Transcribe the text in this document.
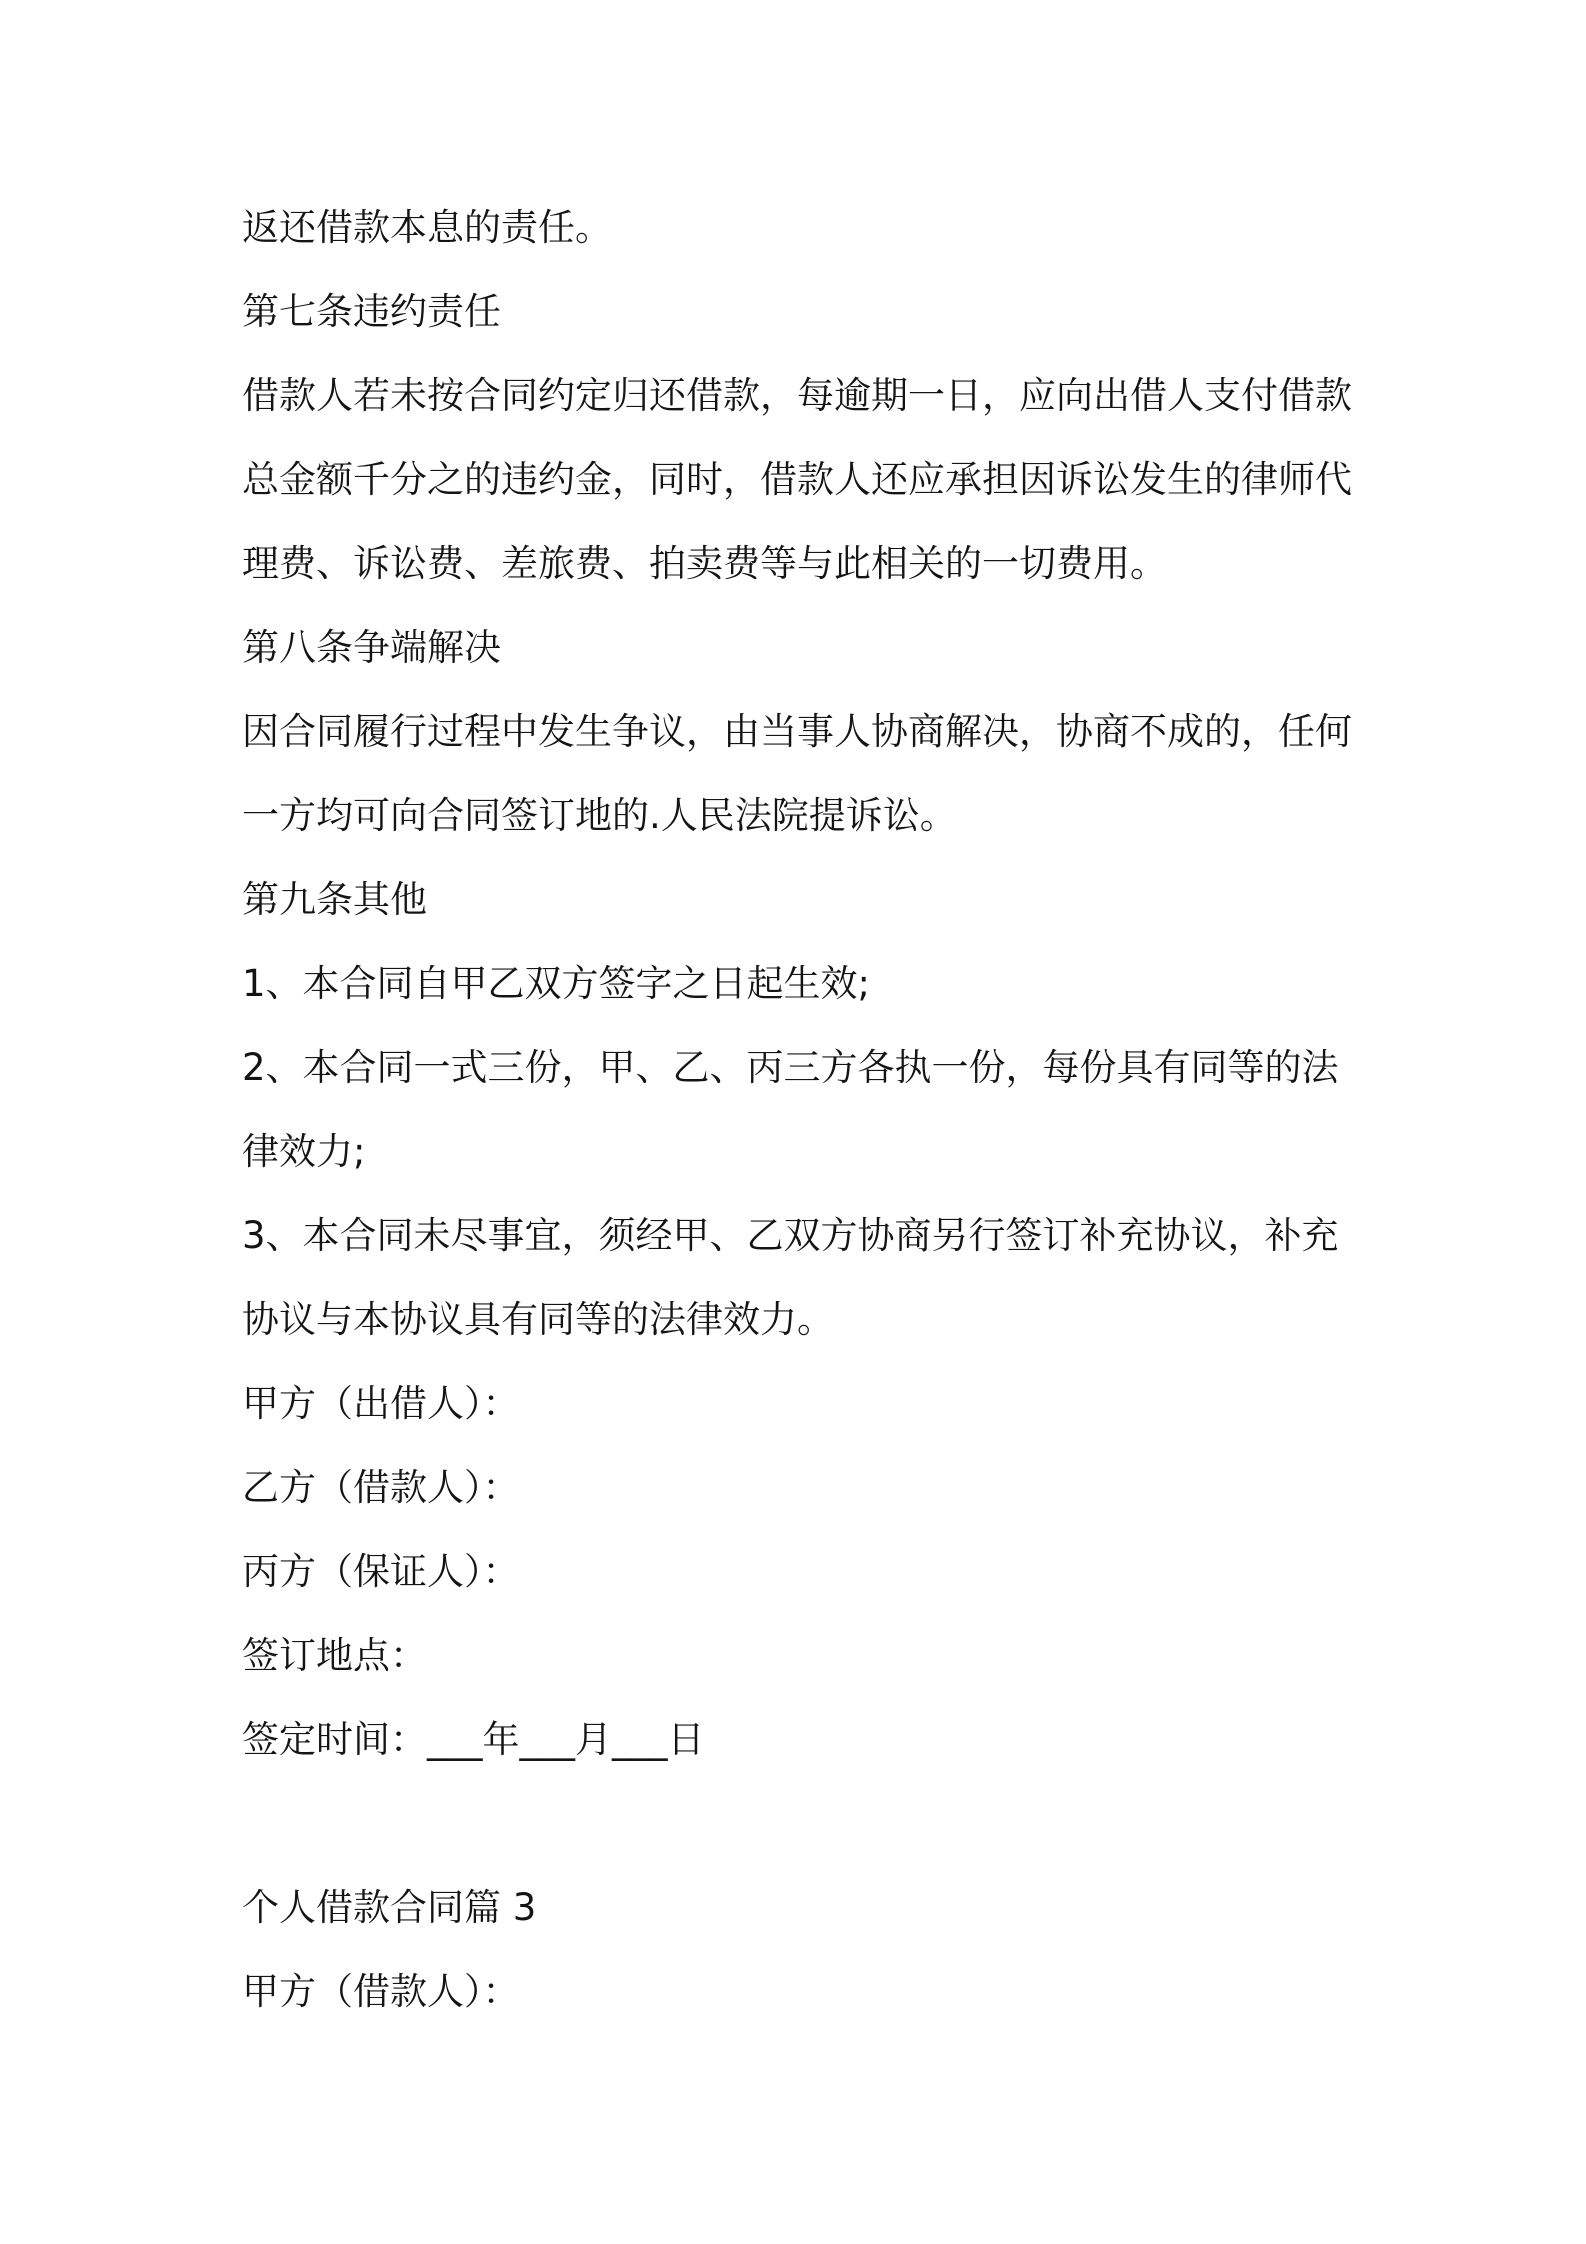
返还借款本息的责任。
第七条违约责任
借款人若未按合同约定归还借款，每逾期一日，应向出借人支付借款
总金额千分之的违约金，同时，借款人还应承担因诉讼发生的律师代
理费、诉讼费、差旅费、拍卖费等与此相关的一切费用。
第八条争端解决
因合同履行过程中发生争议，由当事人协商解决，协商不成的，任何
一方均可向合同签订地的.人民法院提诉讼。
第九条其他
1、本合同自甲乙双方签字之日起生效;
2、本合同一式三份，甲、乙、丙三方各执一份，每份具有同等的法
律效力;
3、本合同未尽事宜，须经甲、乙双方协商另行签订补充协议，补充
协议与本协议具有同等的法律效力。
甲方（出借人）：
乙方（借款人）：
丙方（保证人）：
签订地点：
签定时间：___年___月___日
个人借款合同篇 3
甲方（借款人）：
